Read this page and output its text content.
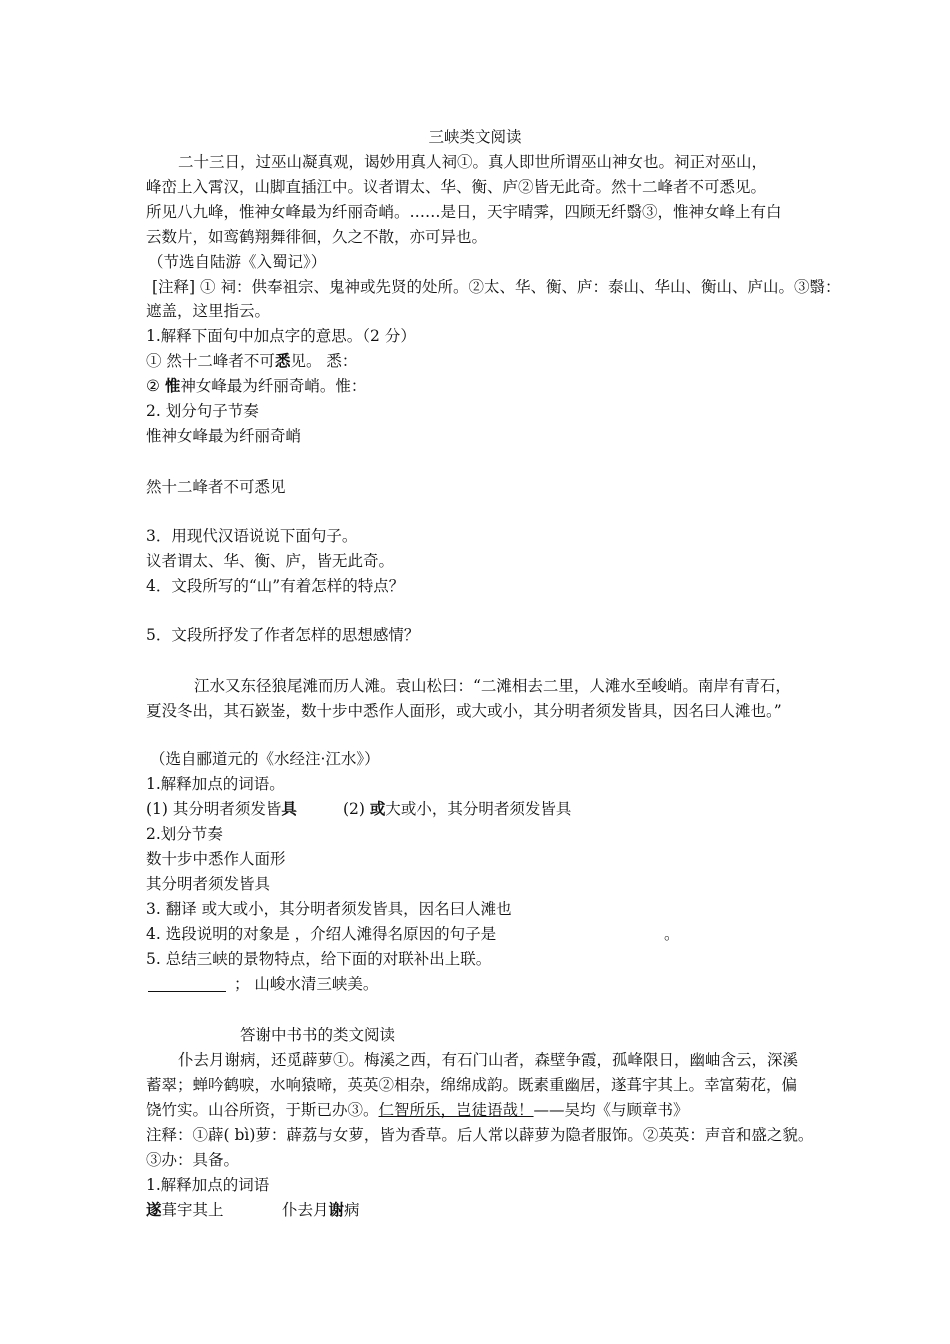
三峡类文阅读
二十三日，过巫山凝真观，谒妙用真人祠①。真人即世所谓巫山神女也。祠正对巫山，
峰峦上入霄汉，山脚直插江中。议者谓太、华、衡、庐②皆无此奇。然十二峰者不可悉见。
所见八九峰，惟神女峰最为纤丽奇峭。……是日，天宇晴霁，四顾无纤翳③，惟神女峰上有白
云数片，如鸾鹤翔舞徘徊，久之不散，亦可异也。
（节选自陆游《入蜀记》）
[注释] ① 祠：供奉祖宗、鬼神或先贤的处所。②太、华、衡、庐：泰山、华山、衡山、庐山。③翳：
遮盖，这里指云。
1.解释下面句中加点字的意思。（2 分）
① 然十二峰者不可悉见。 悉：
② 惟神女峰最为纤丽奇峭。惟：
2. 划分句子节奏
惟神女峰最为纤丽奇峭
然十二峰者不可悉见
3．用现代汉语说说下面句子。
议者谓太、华、衡、庐，皆无此奇。
4．文段所写的“山”有着怎样的特点？
5．文段所抒发了作者怎样的思想感情？
江水又东径狼尾滩而历人滩。袁山松曰：“二滩相去二里，人滩水至峻峭。南岸有青石，
夏没冬出，其石嶔崟，数十步中悉作人面形，或大或小，其分明者须发皆具，因名曰人滩也。”
（选自郦道元的《水经注·江水》）
1.解释加点的词语。
(1) 其分明者须发皆具	(2) 或大或小，其分明者须发皆具
2.划分节奏
数十步中悉作人面形
其分明者须发皆具
3. 翻译 或大或小，其分明者须发皆具，因名曰人滩也
4. 选段说明的对象是 ，介绍人滩得名原因的句子是	。
5. 总结三峡的景物特点，给下面的对联补出上联。
； 山峻水清三峡美。
答谢中书书的类文阅读
仆去月谢病，还觅薜萝①。梅溪之西，有石门山者，森壁争霞，孤峰限日，幽岫含云，深溪
蓄翠；蝉吟鹤唳，水响猿啼，英英②相杂，绵绵成韵。既素重幽居，遂葺宇其上。幸富菊花，偏
饶竹实。山谷所资，于斯已办③。仁智所乐，岂徒语哉！——吴均《与顾章书》
注释：①薜( bì)萝：薜荔与女萝，皆为香草。后人常以薜萝为隐者服饰。②英英：声音和盛之貌。
③办：具备。
1.解释加点的词语
遂葺宇其上	仆去月谢病
